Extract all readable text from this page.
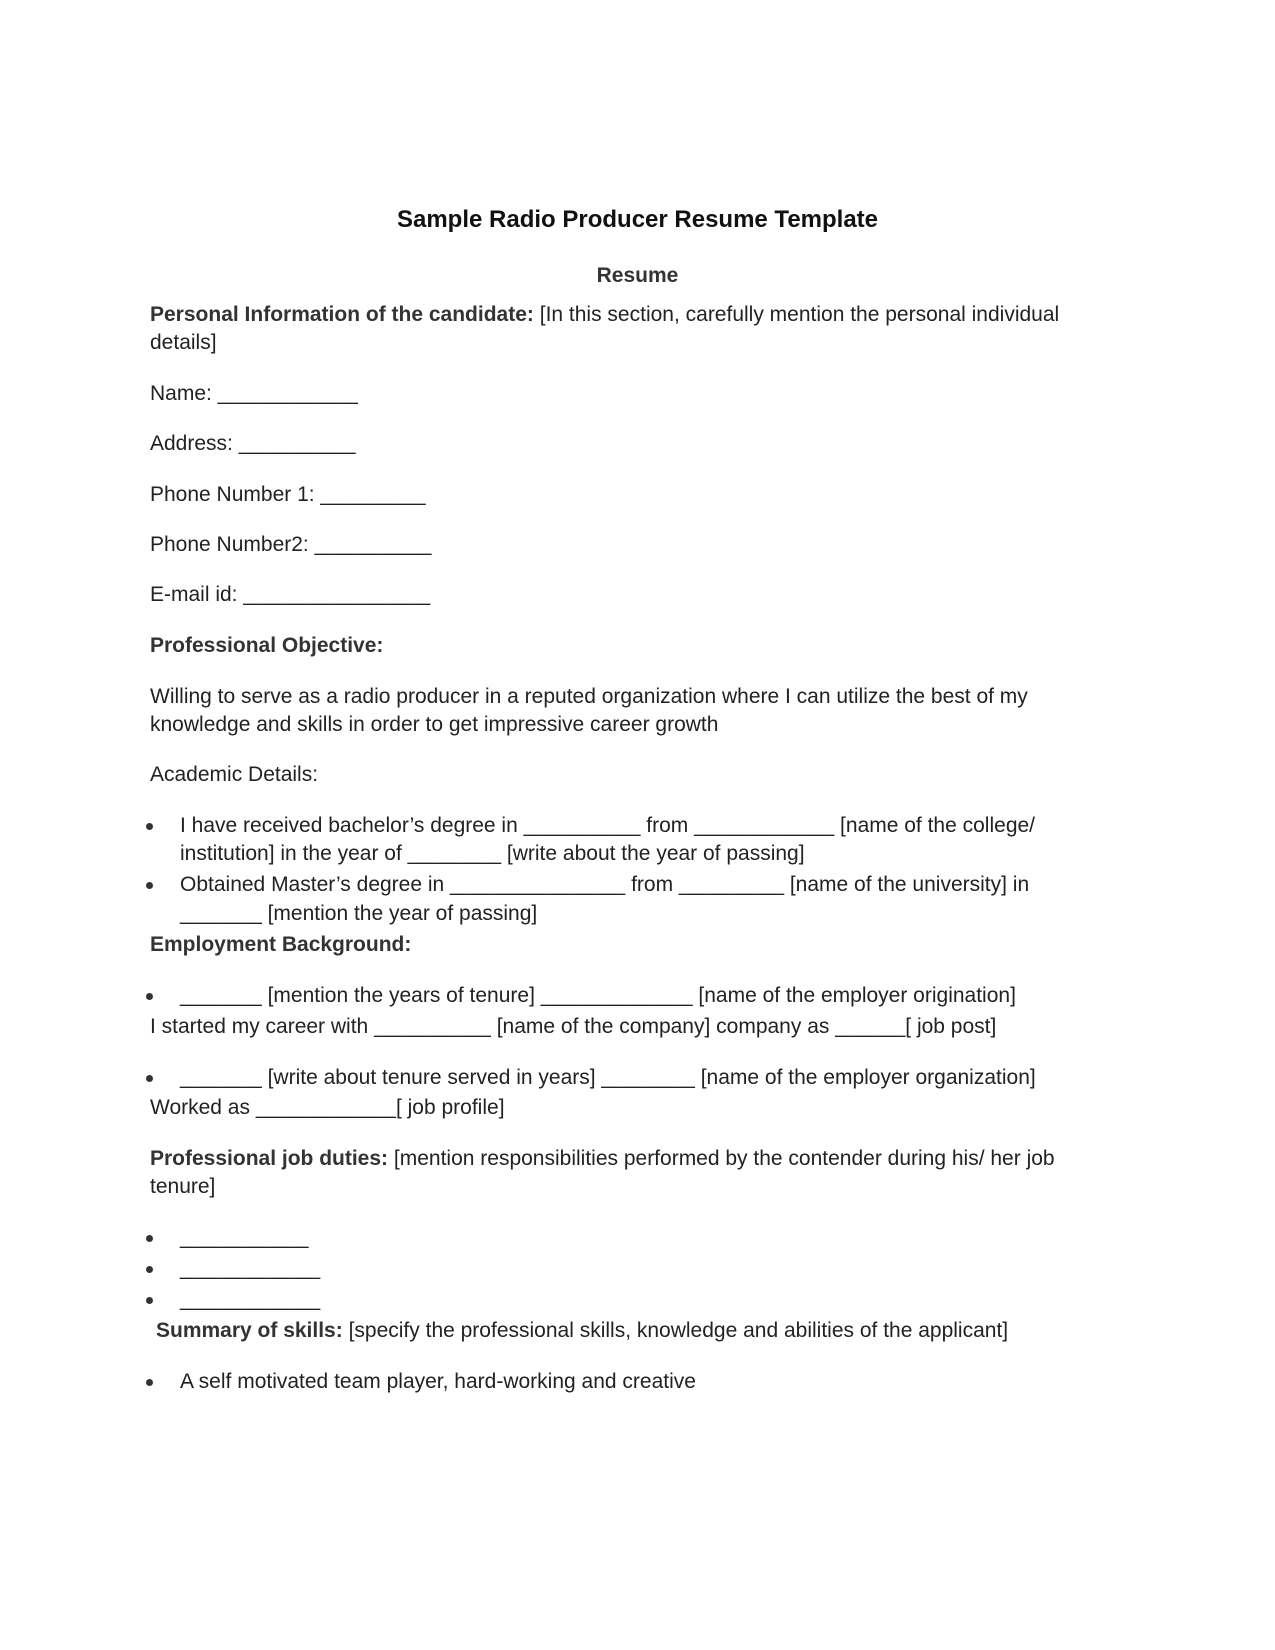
Sample Radio Producer Resume Template
Resume
Personal Information of the candidate: [In this section, carefully mention the personal individual
details]
Name: ____________
Address: __________
Phone Number 1: _________
Phone Number2: __________
E-mail id: ________________
Professional Objective:
Willing to serve as a radio producer in a reputed organization where I can utilize the best of my
knowledge and skills in order to get impressive career growth
Academic Details:
I have received bachelor’s degree in __________ from ____________ [name of the college/
institution] in the year of ________ [write about the year of passing]
Obtained Master’s degree in _______________ from _________ [name of the university] in
_______ [mention the year of passing]
Employment Background:
_______ [mention the years of tenure] _____________ [name of the employer origination]
I started my career with __________ [name of the company] company as ______[ job post]
_______ [write about tenure served in years] ________ [name of the employer organization]
Worked as ____________[ job profile]
Professional job duties: [mention responsibilities performed by the contender during his/ her job
tenure]
___________
____________
____________
Summary of skills: [specify the professional skills, knowledge and abilities of the applicant]
A self motivated team player, hard-working and creative
